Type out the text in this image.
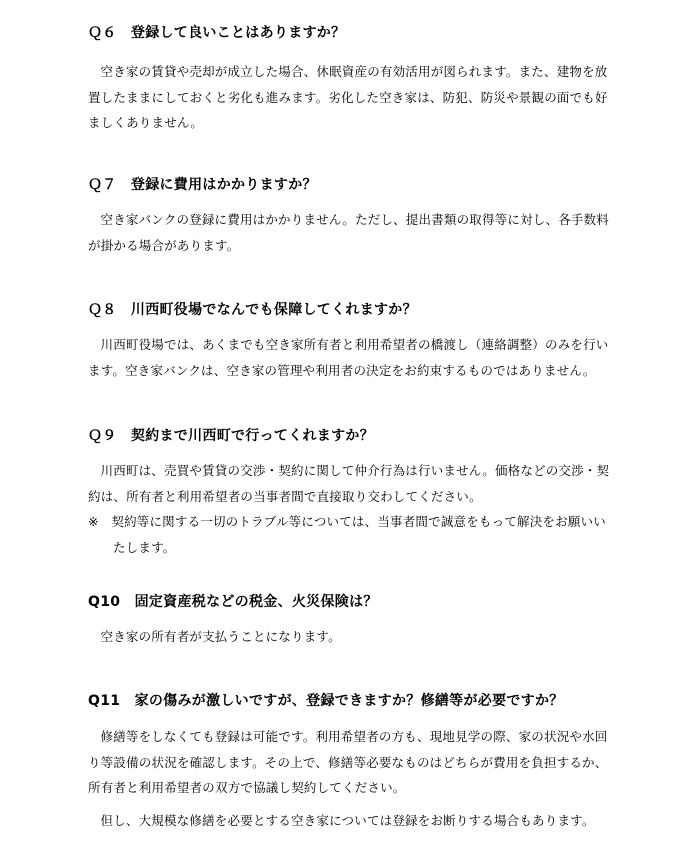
Ｑ６　登録して良いことはありますか？
空き家の賃貸や売却が成立した場合、休眠資産の有効活用が図られます。また、建物を放置したままにしておくと劣化も進みます。劣化した空き家は、防犯、防災や景観の面でも好ましくありません。
Ｑ７　登録に費用はかかりますか？
空き家バンクの登録に費用はかかりません。ただし、提出書類の取得等に対し、各手数料が掛かる場合があります。
Ｑ８　川西町役場でなんでも保障してくれますか？
川西町役場では、あくまでも空き家所有者と利用希望者の橋渡し（連絡調整）のみを行います。空き家バンクは、空き家の管理や利用者の決定をお約束するものではありません。
Ｑ９　契約まで川西町で行ってくれますか？
川西町は、売買や賃貸の交渉・契約に関して仲介行為は行いません。価格などの交渉・契約は、所有者と利用希望者の当事者間で直接取り交わしてください。
※　契約等に関する一切のトラブル等については、当事者間で誠意をもって解決をお願いいたします。
Q10　固定資産税などの税金、火災保険は？
空き家の所有者が支払うことになります。
Q11　家の傷みが激しいですが、登録できますか？修繕等が必要ですか？
修繕等をしなくても登録は可能です。利用希望者の方も、現地見学の際、家の状況や水回り等設備の状況を確認します。その上で、修繕等必要なものはどちらが費用を負担するか、所有者と利用希望者の双方で協議し契約してください。
但し、大規模な修繕を必要とする空き家については登録をお断りする場合もあります。
